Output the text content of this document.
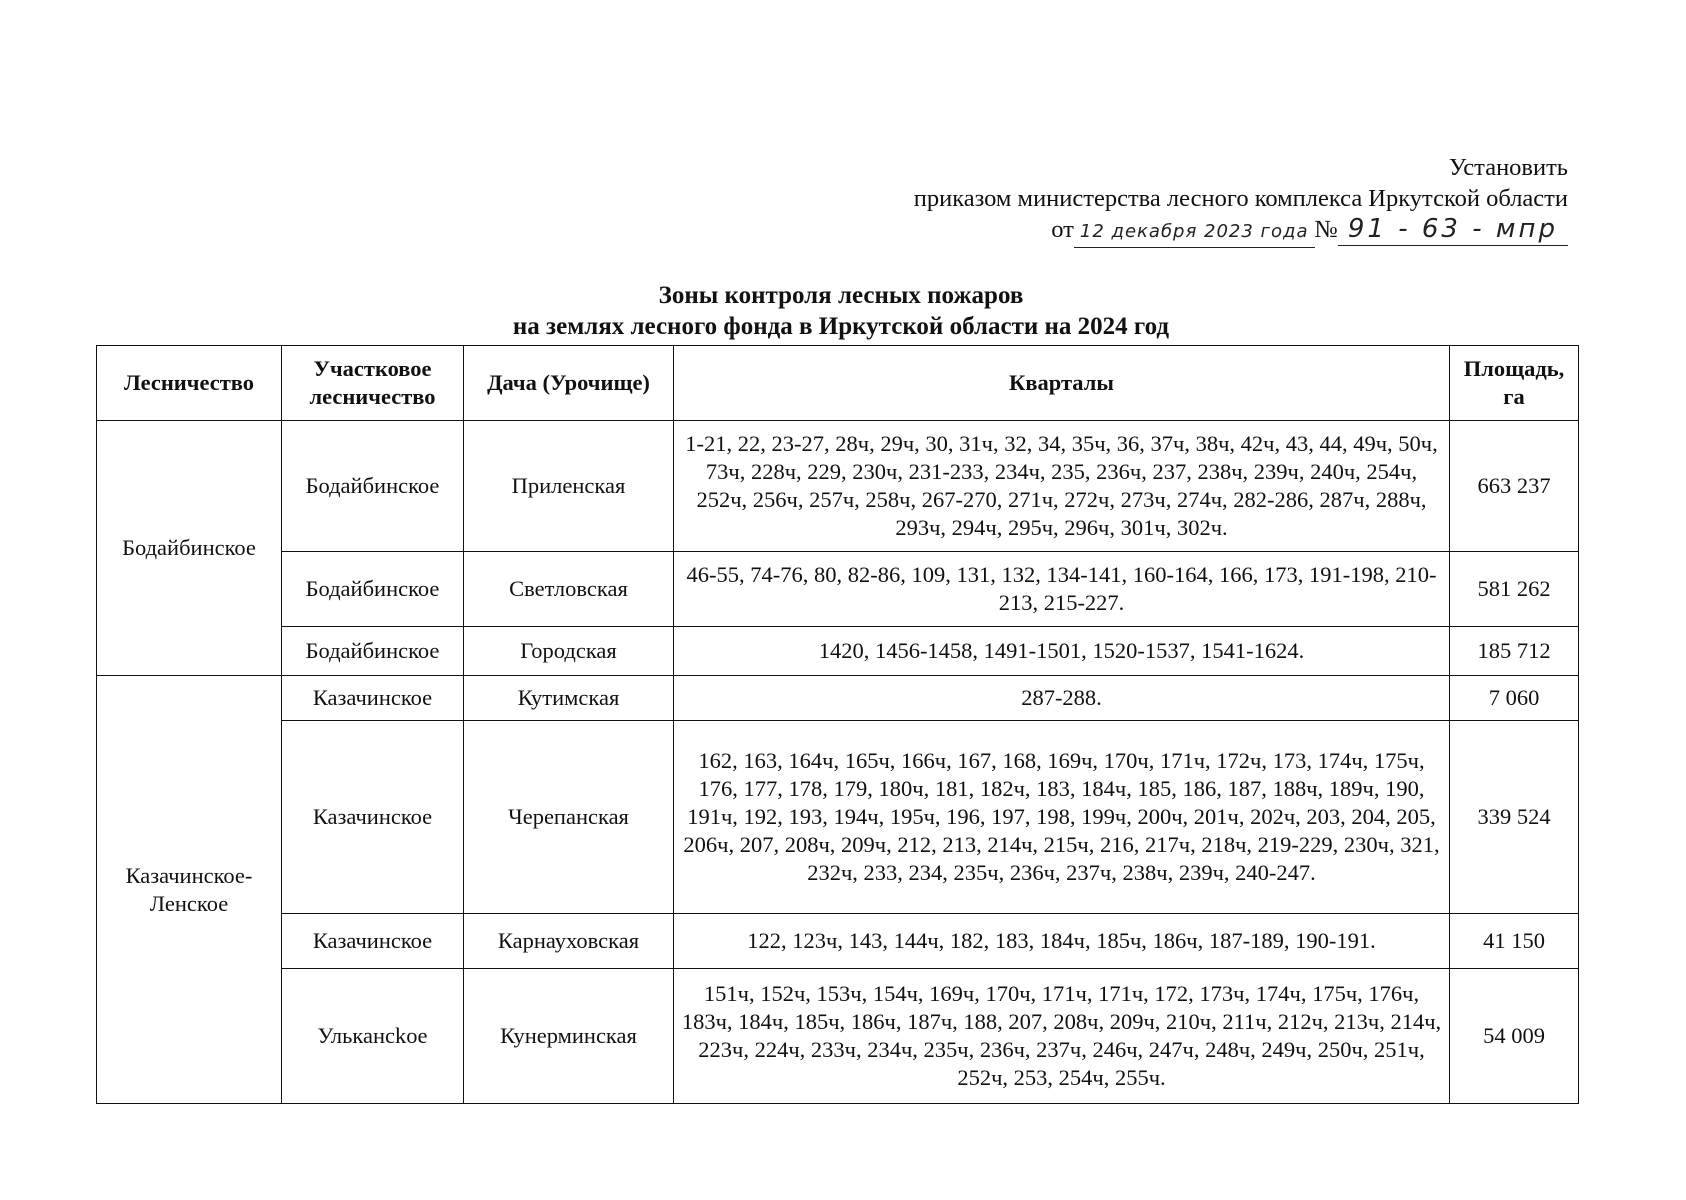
Установить
приказом министерства лесного комплекса Иркутской области
от 12 декабря 2023 года № 91 - 63 - мпр
Зоны контроля лесных пожаров
на землях лесного фонда в Иркутской области на 2024 год
Лесничество	Участковое лесничество	Дача (Урочище)	Кварталы	Площадь, га
Бодайбинское	Бодайбинское	Приленская	1-21, 22, 23-27, 28ч, 29ч, 30, 31ч, 32, 34, 35ч, 36, 37ч, 38ч, 42ч, 43, 44, 49ч, 50ч, 73ч, 228ч, 229, 230ч, 231-233, 234ч, 235, 236ч, 237, 238ч, 239ч, 240ч, 254ч, 252ч, 256ч, 257ч, 258ч, 267-270, 271ч, 272ч, 273ч, 274ч, 282-286, 287ч, 288ч, 293ч, 294ч, 295ч, 296ч, 301ч, 302ч.	663 237
	Бодайбинское	Светловская	46-55, 74-76, 80, 82-86, 109, 131, 132, 134-141, 160-164, 166, 173, 191-198, 210-213, 215-227.	581 262
	Бодайбинское	Городская	1420, 1456-1458, 1491-1501, 1520-1537, 1541-1624.	185 712
Казачинское-Ленское	Казачинское	Кутимская	287-288.	7 060
	Казачинское	Черепанская	162, 163, 164ч, 165ч, 166ч, 167, 168, 169ч, 170ч, 171ч, 172ч, 173, 174ч, 175ч, 176, 177, 178, 179, 180ч, 181, 182ч, 183, 184ч, 185, 186, 187, 188ч, 189ч, 190, 191ч, 192, 193, 194ч, 195ч, 196, 197, 198, 199ч, 200ч, 201ч, 202ч, 203, 204, 205, 206ч, 207, 208ч, 209ч, 212, 213, 214ч, 215ч, 216, 217ч, 218ч, 219-229, 230ч, 321, 232ч, 233, 234, 235ч, 236ч, 237ч, 238ч, 239ч, 240-247.	339 524
	Казачинское	Карнауховская	122, 123ч, 143, 144ч, 182, 183, 184ч, 185ч, 186ч, 187-189, 190-191.	41 150
	Улькансkoe	Кунерминская	151ч, 152ч, 153ч, 154ч, 169ч, 170ч, 171ч, 171ч, 172, 173ч, 174ч, 175ч, 176ч, 183ч, 184ч, 185ч, 186ч, 187ч, 188, 207, 208ч, 209ч, 210ч, 211ч, 212ч, 213ч, 214ч, 223ч, 224ч, 233ч, 234ч, 235ч, 236ч, 237ч, 246ч, 247ч, 248ч, 249ч, 250ч, 251ч, 252ч, 253, 254ч, 255ч.	54 009
